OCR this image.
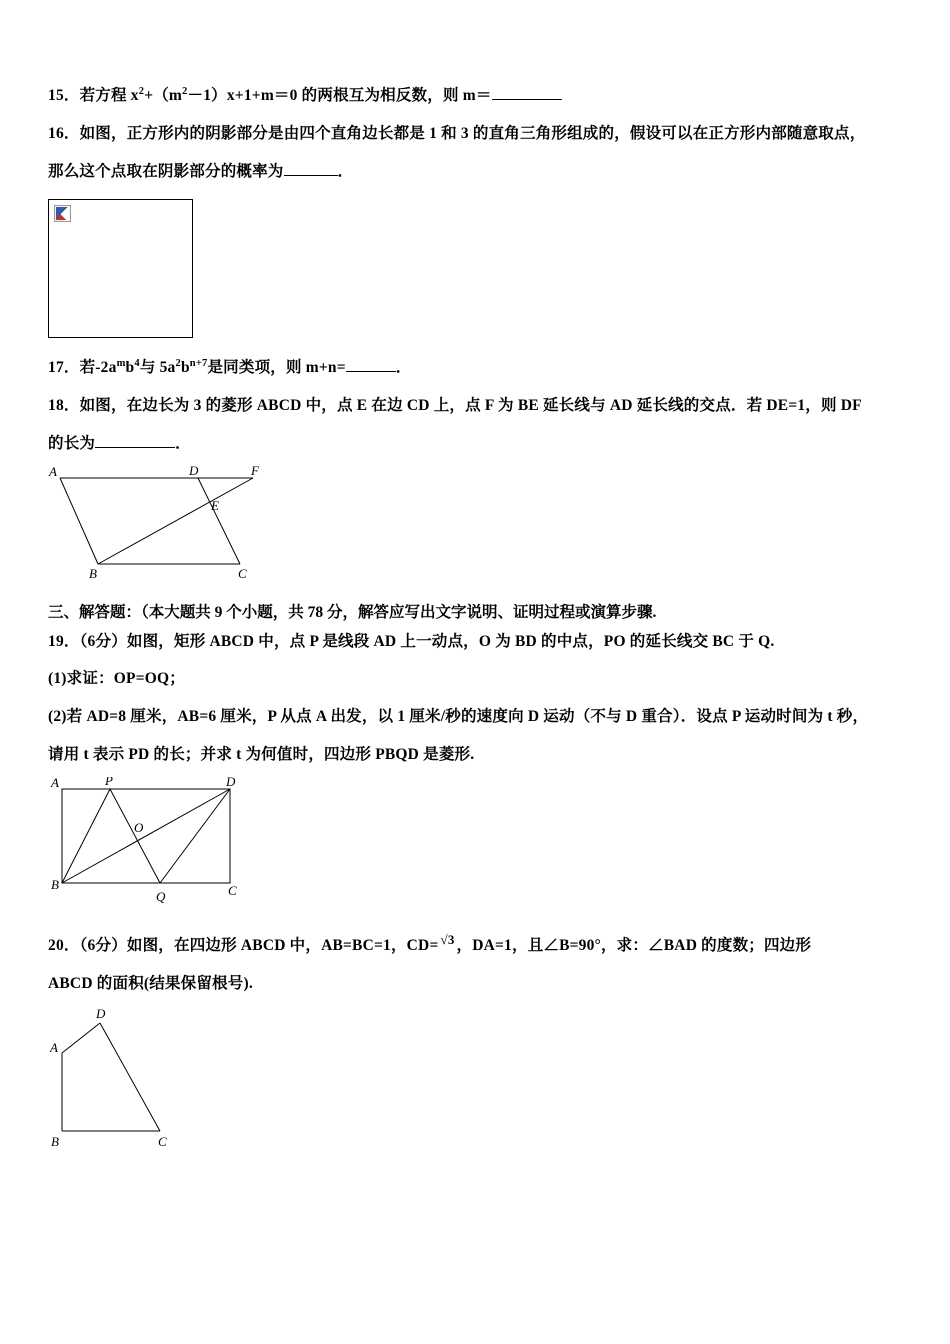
15．若方程 $x^2+(m^2-1)x+1+m=0$ 的两根互为相反数，则 m＝

16．如图，正方形内的阴影部分是由四个直角边长都是 1 和 3 的直角三角形组成的，假设可以在正方形内部随意取点，

那么这个点取在阴影部分的概率为	．

17．若$-2a^mb^4$与 $5a^2b^{n+7}$是同类项，则 m+n=	．

18．如图，在边长为 3 的菱形 ABCD 中，点 E 在边 CD 上，点 F 为 BE 延长线与 AD 延长线的交点．若 DE=1，则 DF

的长为	．

A	D	F
E
B	C

三、解答题：（本大题共 9 个小题，共 78 分，解答应写出文字说明、证明过程或演算步骤.

19．（6分）如图，矩形 ABCD 中，点 P 是线段 AD 上一动点，O 为 BD 的中点，PO 的延长线交 BC 于 Q.

(1)求证：OP=OQ；

(2)若 AD=8 厘米，AB=6 厘米，P 从点 A 出发，以 1 厘米/秒的速度向 D 运动（不与 D 重合）．设点 P 运动时间为 t 秒，

请用 t 表示 PD 的长；并求 t 为何值时，四边形 PBQD 是菱形.

A	P	D
O
B
Q	C

20．（6分）如图，在四边形 ABCD 中，AB=BC=1，CD= √3 ，DA=1，且∠B=90°，求：∠BAD 的度数；四边形

ABCD 的面积(结果保留根号).

D
A
B	C
